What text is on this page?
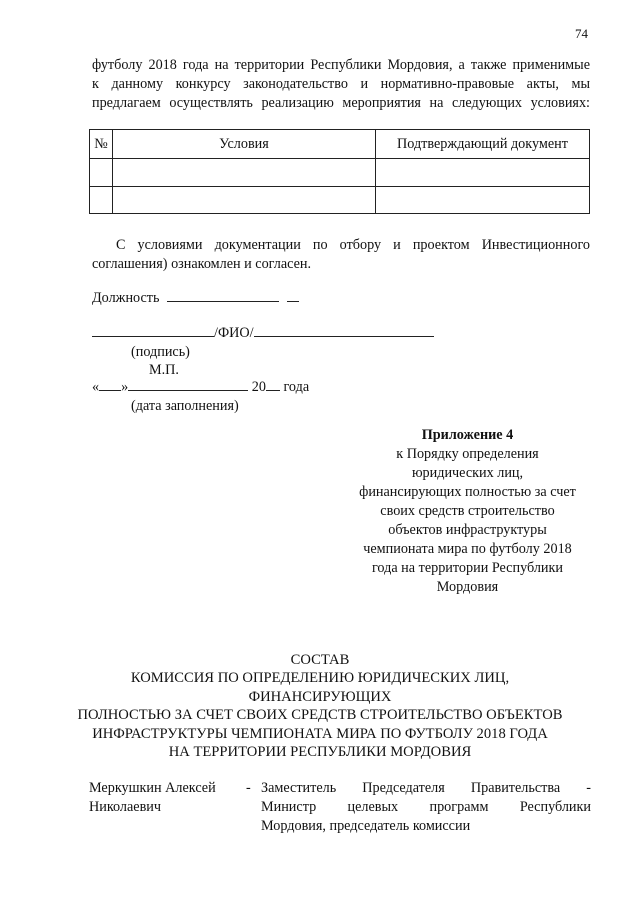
74
футболу 2018 года на территории Республики Мордовия, а также применимые
к данному конкурсу законодательство и нормативно-правовые акты, мы
предлагаем осуществлять реализацию мероприятия на следующих условиях:
№	Условия	Подтверждающий документ

С условиями документации по отбору и проектом Инвестиционного
соглашения) ознакомлен и согласен.
Должность
/ФИО/
(подпись)
М.П.
« »	20 года
(дата заполнения)
Приложение 4
к Порядку определения
юридических лиц,
финансирующих полностью за счет
своих средств строительство
объектов инфраструктуры
чемпионата мира по футболу 2018
года на территории Республики
Мордовия
СОСТАВ
КОМИССИЯ ПО ОПРЕДЕЛЕНИЮ ЮРИДИЧЕСКИХ ЛИЦ,
ФИНАНСИРУЮЩИХ
ПОЛНОСТЬЮ ЗА СЧЕТ СВОИХ СРЕДСТВ СТРОИТЕЛЬСТВО ОБЪЕКТОВ
ИНФРАСТРУКТУРЫ ЧЕМПИОНАТА МИРА ПО ФУТБОЛУ 2018 ГОДА
НА ТЕРРИТОРИИ РЕСПУБЛИКИ МОРДОВИЯ
Меркушкин Алексей
Николаевич
- Заместитель Председателя Правительства -
Министр целевых программ Республики
Мордовия, председатель комиссии
